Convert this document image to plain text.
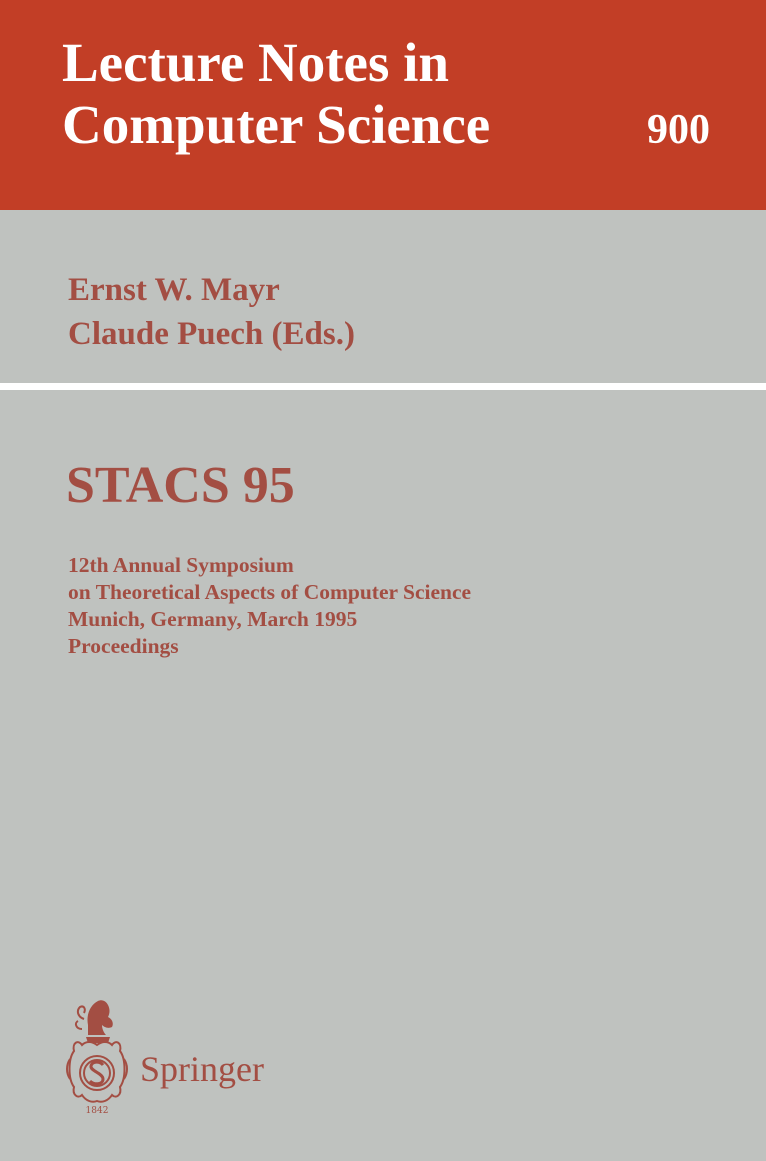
Lecture Notes in
Computer Science	900
Ernst W. Mayr
Claude Puech (Eds.)
STACS 95
12th Annual Symposium
on Theoretical Aspects of Computer Science
Munich, Germany, March 1995
Proceedings
1842
Springer
